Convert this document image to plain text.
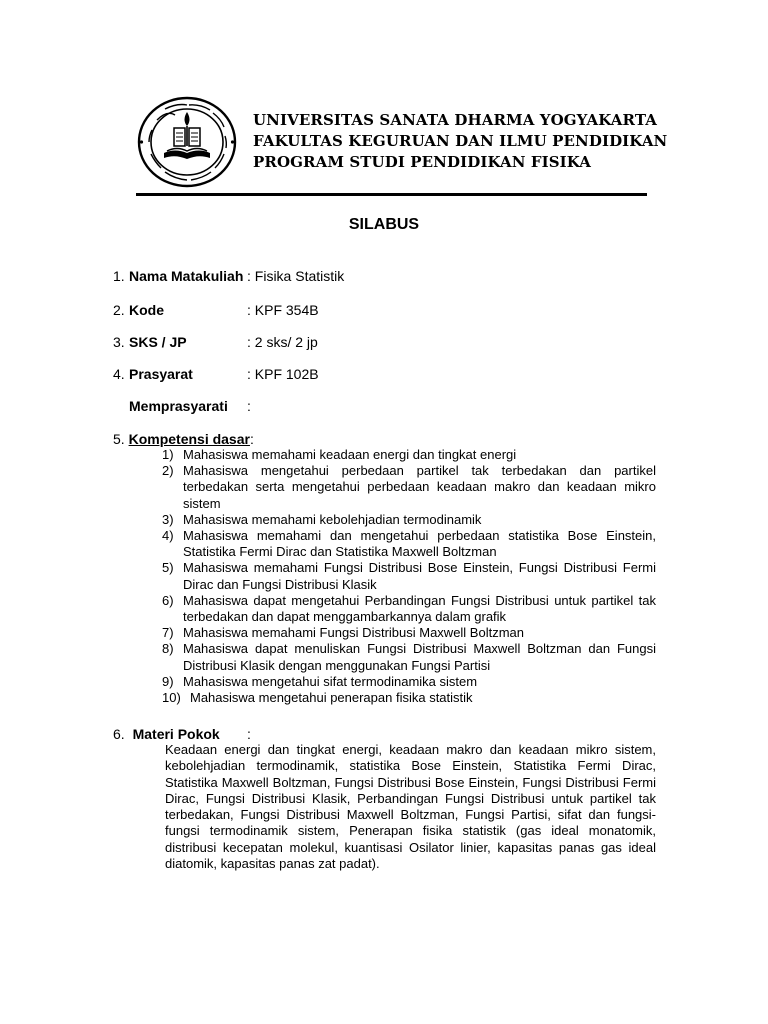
UNIVERSITAS SANATA DHARMA YOGYAKARTA
FAKULTAS KEGURUAN DAN ILMU PENDIDIKAN
PROGRAM STUDI PENDIDIKAN FISIKA
SILABUS
1. Nama Matakuliah : Fisika Statistik
2. Kode	: KPF 354B
3. SKS / JP	: 2 sks/ 2 jp
4. Prasyarat	: KPF 102B
Memprasyarati :
5. Kompetensi dasar:
1) Mahasiswa memahami keadaan energi dan tingkat energi
2) Mahasiswa mengetahui perbedaan partikel tak terbedakan dan partikel terbedakan serta mengetahui perbedaan keadaan makro dan keadaan mikro sistem
3) Mahasiswa memahami kebolehjadian termodinamik
4) Mahasiswa memahami dan mengetahui perbedaan statistika Bose Einstein, Statistika Fermi Dirac dan Statistika Maxwell Boltzman
5) Mahasiswa memahami Fungsi Distribusi Bose Einstein, Fungsi Distribusi Fermi Dirac dan Fungsi Distribusi Klasik
6) Mahasiswa dapat mengetahui Perbandingan Fungsi Distribusi untuk partikel tak terbedakan dan dapat menggambarkannya dalam grafik
7) Mahasiswa memahami Fungsi Distribusi Maxwell Boltzman
8) Mahasiswa dapat menuliskan Fungsi Distribusi Maxwell Boltzman dan Fungsi Distribusi Klasik dengan menggunakan Fungsi Partisi
9) Mahasiswa mengetahui sifat termodinamika sistem
10) Mahasiswa mengetahui penerapan fisika statistik
6. Materi Pokok :
Keadaan energi dan tingkat energi, keadaan makro dan keadaan mikro sistem, kebolehjadian termodinamik, statistika Bose Einstein, Statistika Fermi Dirac, Statistika Maxwell Boltzman, Fungsi Distribusi Bose Einstein, Fungsi Distribusi Fermi Dirac, Fungsi Distribusi Klasik, Perbandingan Fungsi Distribusi untuk partikel tak terbedakan, Fungsi Distribusi Maxwell Boltzman, Fungsi Partisi, sifat dan fungsi-fungsi termodinamik sistem, Penerapan fisika statistik (gas ideal monatomik, distribusi kecepatan molekul, kuantisasi Osilator linier, kapasitas panas gas ideal diatomik, kapasitas panas zat padat).
